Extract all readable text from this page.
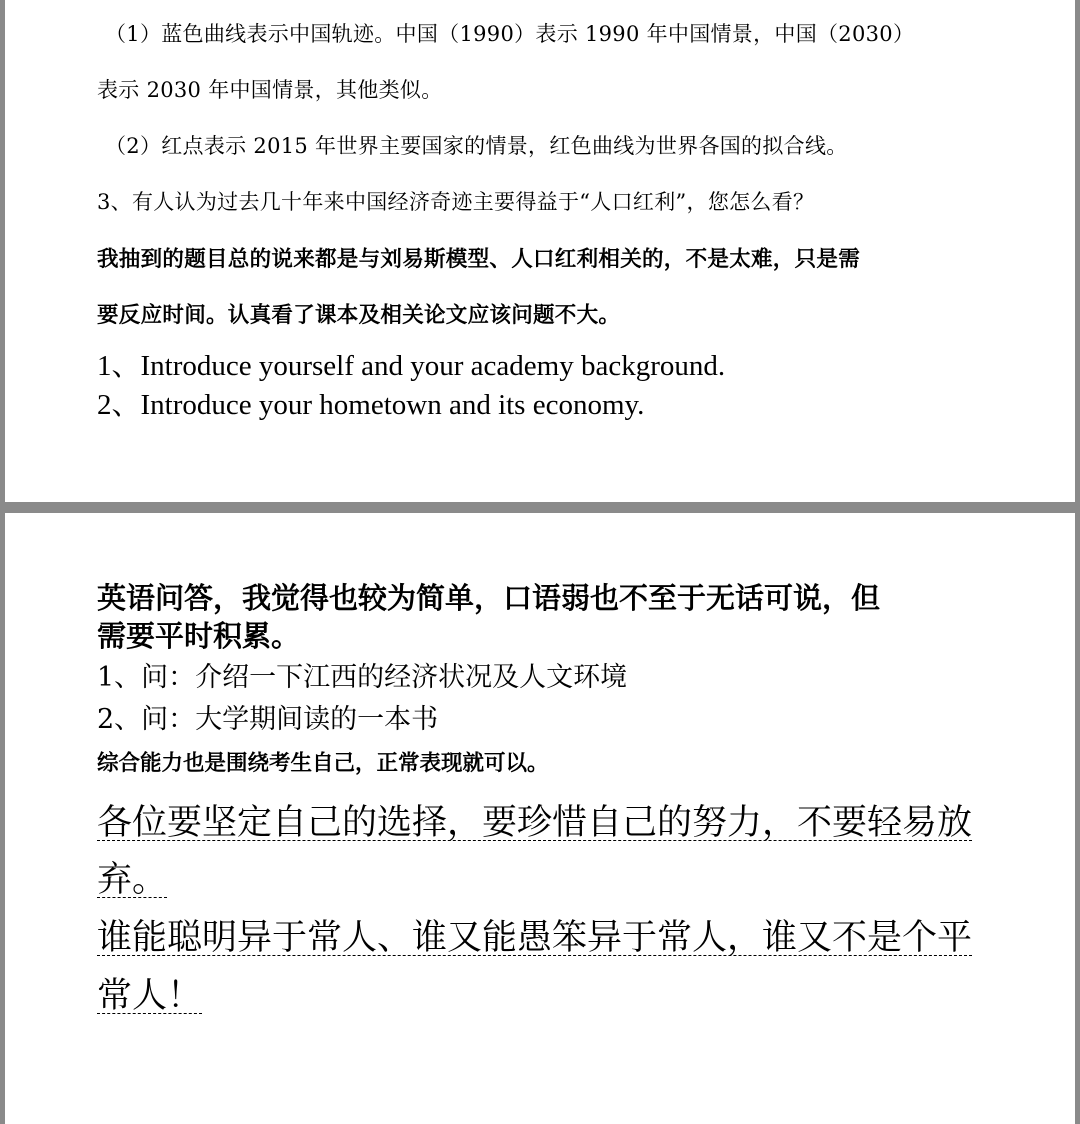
（1）蓝色曲线表示中国轨迹。中国（1990）表示 1990 年中国情景，中国（2030）

表示 2030 年中国情景，其他类似。

（2）红点表示 2015 年世界主要国家的情景，红色曲线为世界各国的拟合线。

3、有人认为过去几十年来中国经济奇迹主要得益于“人口红利”，您怎么看？

我抽到的题目总的说来都是与刘易斯模型、人口红利相关的，不是太难，只是需

要反应时间。认真看了课本及相关论文应该问题不大。

1、Introduce yourself and your academy background.

2、Introduce your hometown and its economy.

英语问答，我觉得也较为简单，口语弱也不至于无话可说，但

需要平时积累。

1、问：介绍一下江西的经济状况及人文环境

2、问：大学期间读的一本书

综合能力也是围绕考生自己，正常表现就可以。

各位要坚定自己的选择，要珍惜自己的努力，不要轻易放

弃。

谁能聪明异于常人、谁又能愚笨异于常人，谁又不是个平

常人！
